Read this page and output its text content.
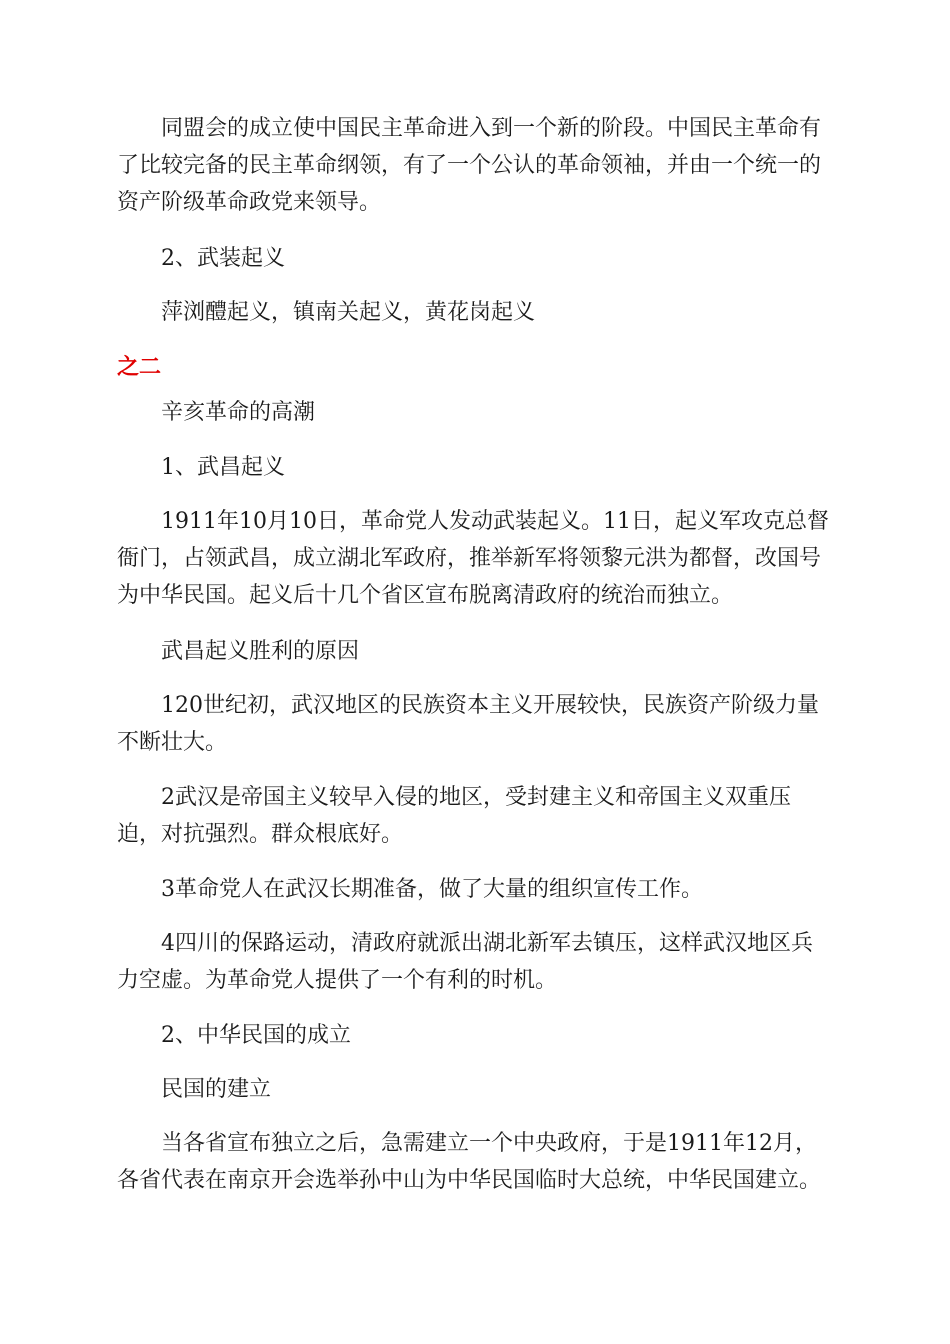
同盟会的成立使中国民主革命进入到一个新的阶段。中国民主革命有了比较完备的民主革命纲领，有了一个公认的革命领袖，并由一个统一的资产阶级革命政党来领导。

2、武装起义

萍浏醴起义，镇南关起义，黄花岗起义

之二

辛亥革命的高潮

1、武昌起义

1911年10月10日，革命党人发动武装起义。11日，起义军攻克总督衙门，占领武昌，成立湖北军政府，推举新军将领黎元洪为都督，改国号为中华民国。起义后十几个省区宣布脱离清政府的统治而独立。

武昌起义胜利的原因

120世纪初，武汉地区的民族资本主义开展较快，民族资产阶级力量不断壮大。

2武汉是帝国主义较早入侵的地区，受封建主义和帝国主义双重压迫，对抗强烈。群众根底好。

3革命党人在武汉长期准备，做了大量的组织宣传工作。

4四川的保路运动，清政府就派出湖北新军去镇压，这样武汉地区兵力空虚。为革命党人提供了一个有利的时机。

2、中华民国的成立

民国的建立

当各省宣布独立之后，急需建立一个中央政府，于是1911年12月，各省代表在南京开会选举孙中山为中华民国临时大总统，中华民国建立。
